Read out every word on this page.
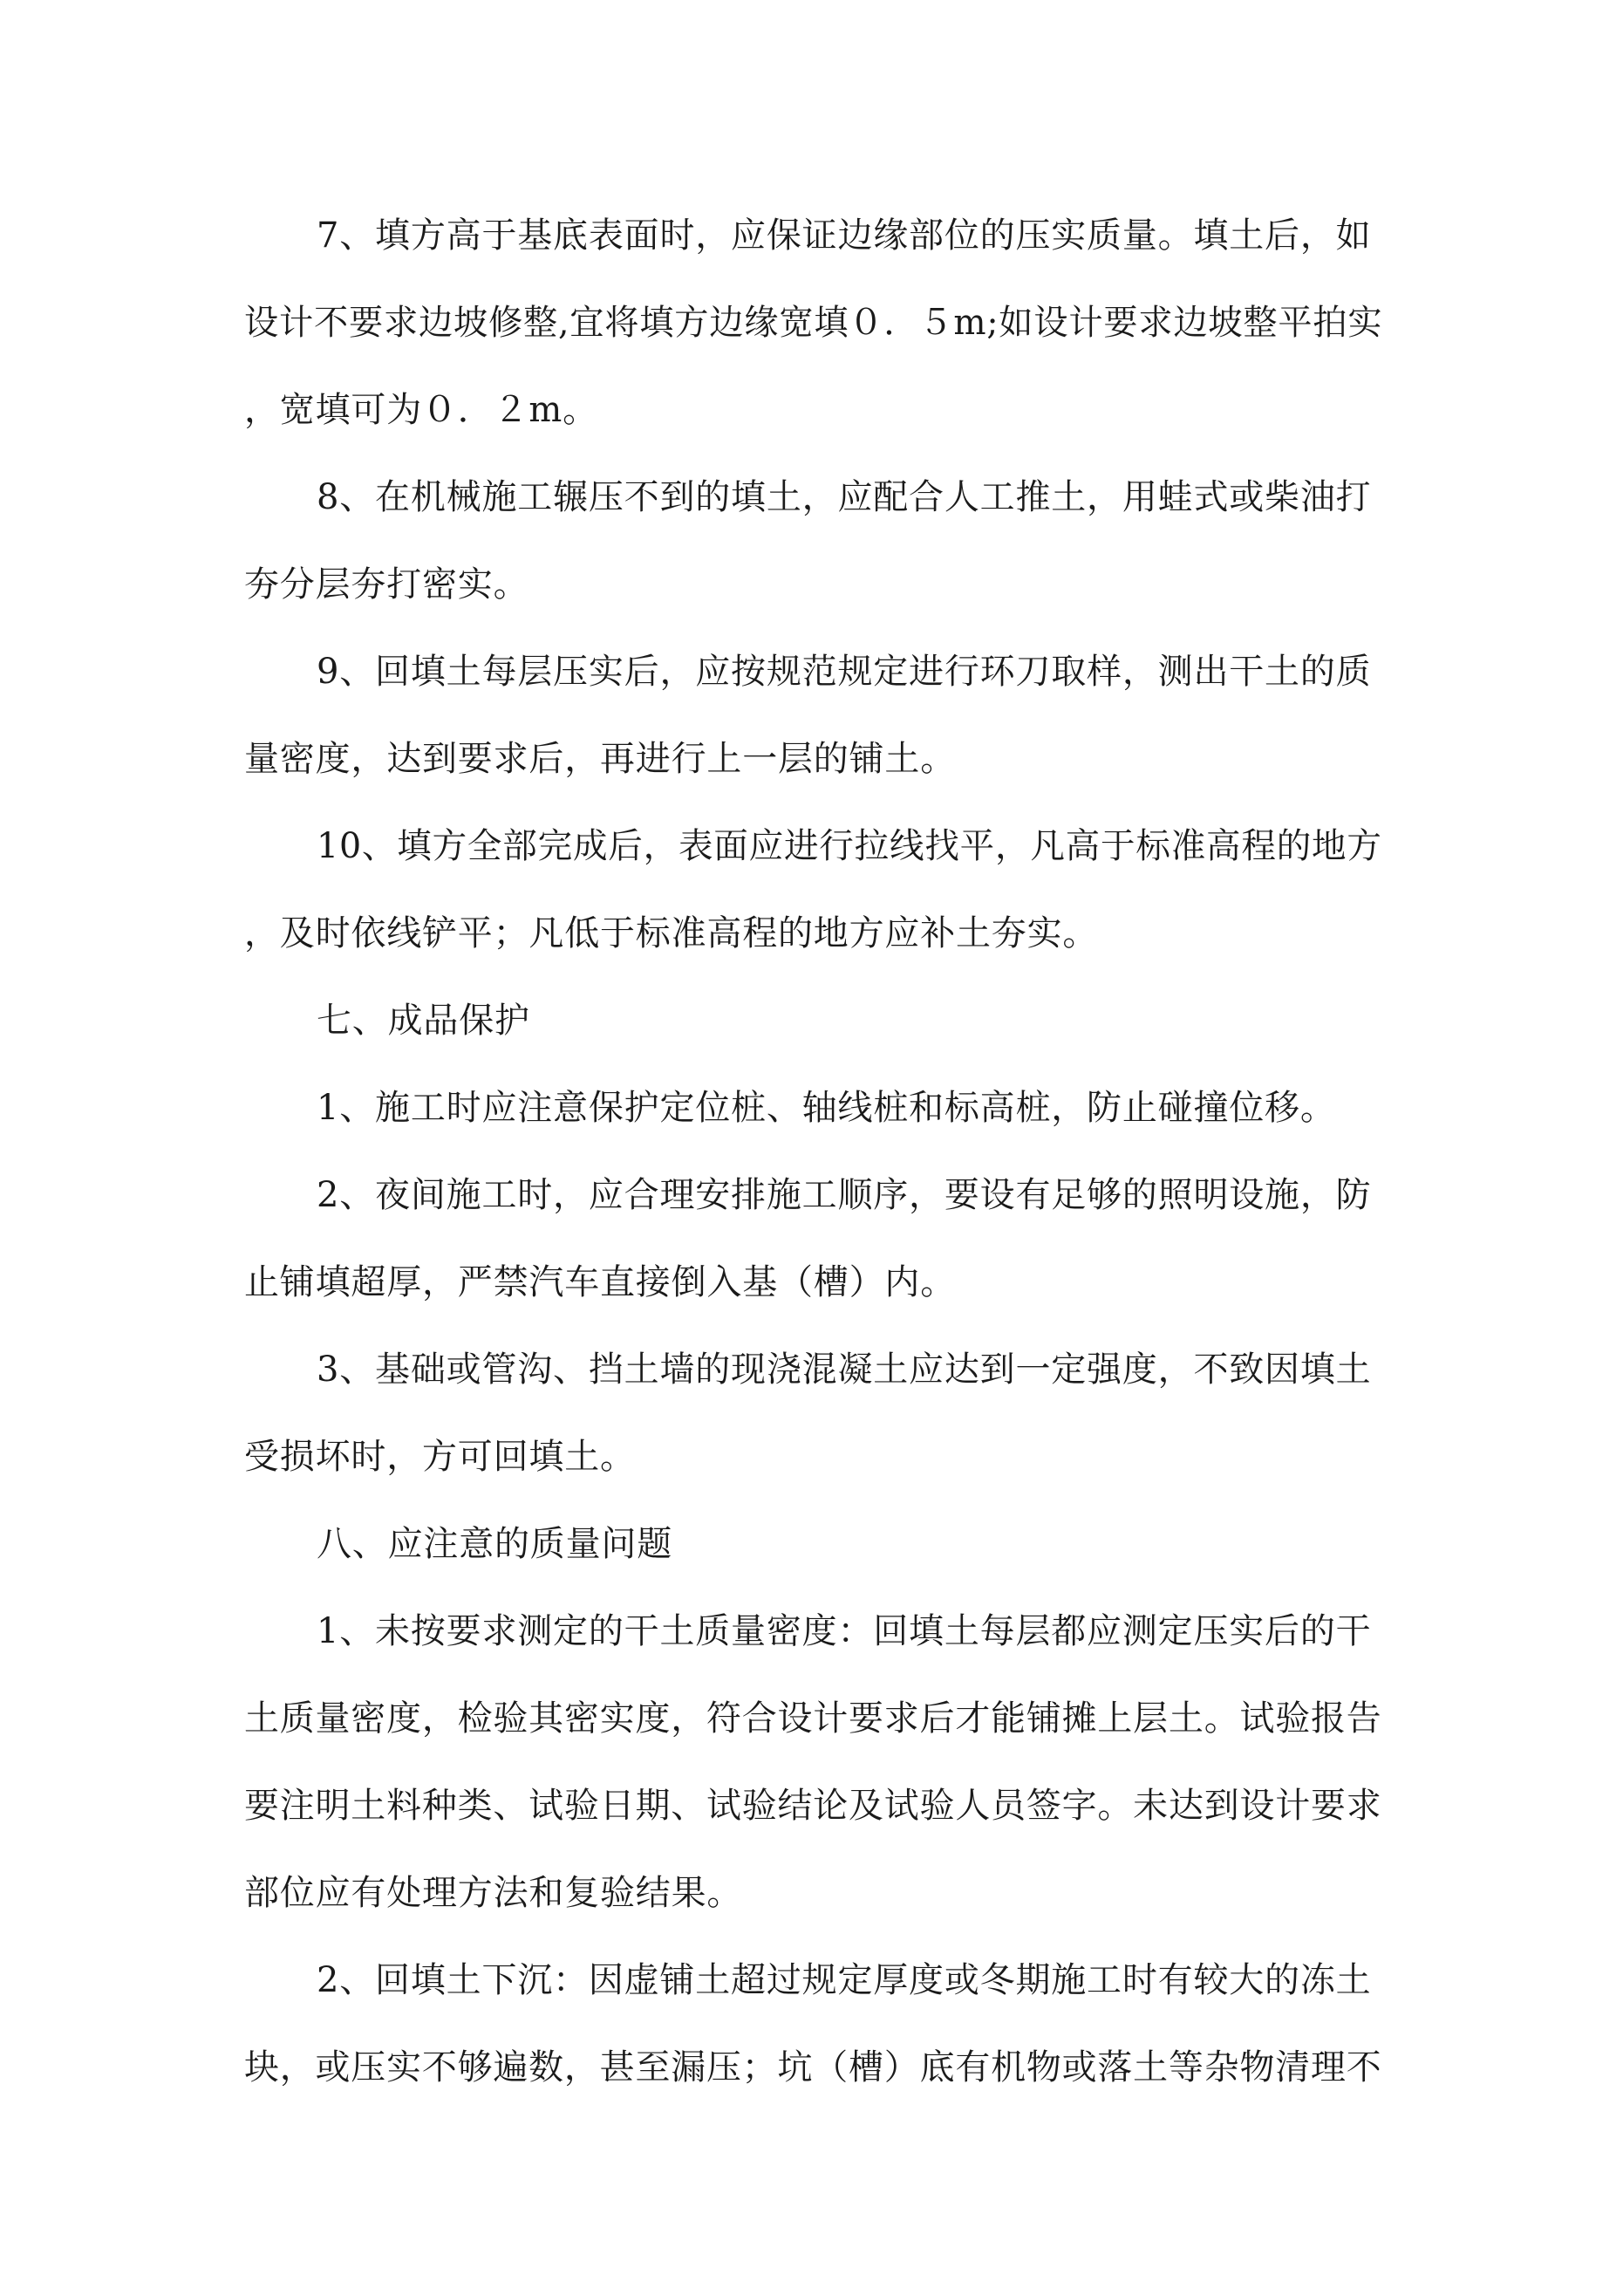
7、填方高于基底表面时，应保证边缘部位的压实质量。填土后，如
设计不要求边坡修整,宜将填方边缘宽填０．５m;如设计要求边坡整平拍实
，宽填可为０．２m。
8、在机械施工辗压不到的填土，应配合人工推土，用蛙式或柴油打
夯分层夯打密实。
9、回填土每层压实后，应按规范规定进行环刀取样，测出干土的质
量密度，达到要求后，再进行上一层的铺土。
10、填方全部完成后，表面应进行拉线找平，凡高于标准高程的地方
，及时依线铲平；凡低于标准高程的地方应补土夯实。
七、成品保护
1、施工时应注意保护定位桩、轴线桩和标高桩，防止碰撞位移。
2、夜间施工时，应合理安排施工顺序，要设有足够的照明设施，防
止铺填超厚，严禁汽车直接倒入基（槽）内。
3、基础或管沟、挡土墙的现浇混凝土应达到一定强度，不致因填土
受损坏时，方可回填土。
八、应注意的质量问题
1、未按要求测定的干土质量密度：回填土每层都应测定压实后的干
土质量密度，检验其密实度，符合设计要求后才能铺摊上层土。试验报告
要注明土料种类、试验日期、试验结论及试验人员签字。未达到设计要求
部位应有处理方法和复验结果。
2、回填土下沉：因虚铺土超过规定厚度或冬期施工时有较大的冻土
块，或压实不够遍数，甚至漏压；坑（槽）底有机物或落土等杂物清理不
